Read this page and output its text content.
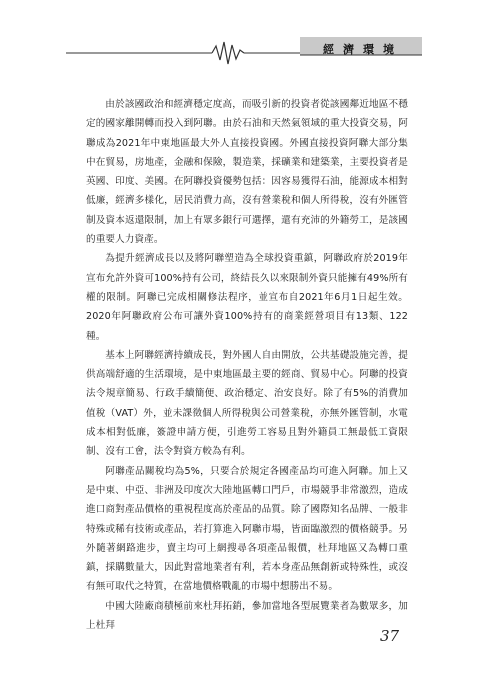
經濟環境

由於該國政治和經濟穩定度高，而吸引新的投資者從該國鄰近地區不穩定的國家離開轉而投入到阿聯。由於石油和天然氣領域的重大投資交易，阿聯成為2021年中東地區最大外人直接投資國。外國直接投資阿聯大部分集中在貿易，房地產，金融和保險，製造業，採礦業和建築業，主要投資者是英國、印度、美國。在阿聯投資優勢包括：因容易獲得石油，能源成本相對低廉，經濟多樣化，居民消費力高，沒有營業稅和個人所得稅，沒有外匯管制及資本返還限制，加上有眾多銀行可選擇，還有充沛的外籍勞工，是該國的重要人力資產。

為提升經濟成長以及將阿聯塑造為全球投資重鎮，阿聯政府於2019年宣布允許外資可100%持有公司，終結長久以來限制外資只能擁有49%所有權的限制。阿聯已完成相關修法程序，並宣布自2021年6月1日起生效。2020年阿聯政府公布可讓外資100%持有的商業經營項目有13類、122種。

基本上阿聯經濟持續成長，對外國人自由開放，公共基礎設施完善，提供高端舒適的生活環境，是中東地區最主要的經商、貿易中心。阿聯的投資法令規章簡易、行政手續簡便、政治穩定、治安良好。除了有5%的消費加值稅（VAT）外，並未課徵個人所得稅與公司營業稅，亦無外匯管制，水電成本相對低廉，簽證申請方便，引進勞工容易且對外籍員工無最低工資限制、沒有工會，法令對資方較為有利。

阿聯產品關稅均為5%，只要合於規定各國產品均可進入阿聯。加上又是中東、中亞、非洲及印度次大陸地區轉口門戶，市場競爭非常激烈，造成進口商對產品價格的重視程度高於產品的品質。除了國際知名品牌、一般非特殊或稀有技術或產品，若打算進入阿聯市場，皆面臨激烈的價格競爭。另外隨著網路進步，賣主均可上網搜尋各項產品報價，杜拜地區又為轉口重鎮，採購數量大，因此對當地業者有利，若本身產品無創新或特殊性，或沒有無可取代之特質，在當地價格戰亂的市場中想勝出不易。

中國大陸廠商積極前來杜拜拓銷，參加當地各型展覽業者為數眾多，加上杜拜

37
